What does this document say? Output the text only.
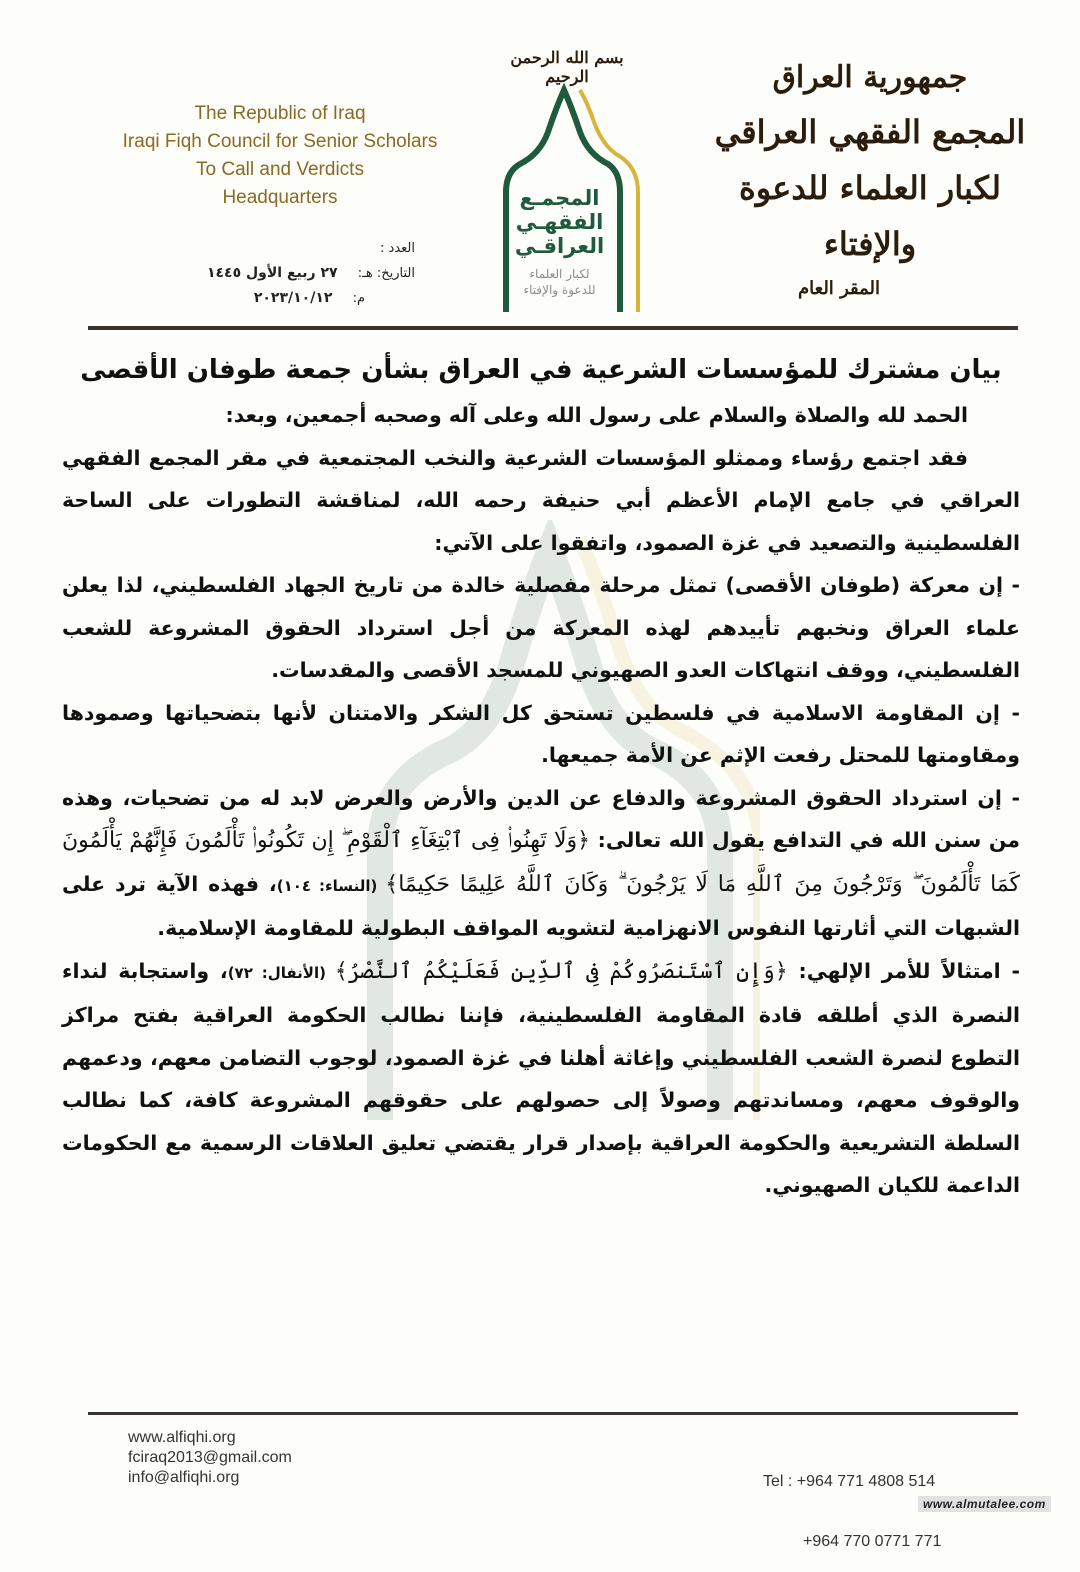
The Republic of Iraq
Iraqi Fiqh Council for Senior Scholars
To Call and Verdicts
Headquarters
بسم الله الرحمن الرحيم
المجمـع
الفقهـي
العراقـي
لكبار العلماء
للدعوة والإفتاء
جمهورية العراق
المجمع الفقهي العراقي
لكبار العلماء للدعوة والإفتاء
المقر العام
العدد :
التاريخ: هـ: ٢٧ ربيع الأول ١٤٤٥
م: ٢٠٢٣/١٠/١٢
بيان مشترك للمؤسسات الشرعية في العراق بشأن جمعة طوفان الأقصى

الحمد لله والصلاة والسلام على رسول الله وعلى آله وصحبه أجمعين، وبعد:

فقد اجتمع رؤساء وممثلو المؤسسات الشرعية والنخب المجتمعية في مقر المجمع الفقهي العراقي في جامع الإمام الأعظم أبي حنيفة رحمه الله، لمناقشة التطورات على الساحة الفلسطينية والتصعيد في غزة الصمود، واتفقوا على الآتي:

- إن معركة (طوفان الأقصى) تمثل مرحلة مفصلية خالدة من تاريخ الجهاد الفلسطيني، لذا يعلن علماء العراق ونخبهم تأييدهم لهذه المعركة من أجل استرداد الحقوق المشروعة للشعب الفلسطيني، ووقف انتهاكات العدو الصهيوني للمسجد الأقصى والمقدسات.

- إن المقاومة الاسلامية في فلسطين تستحق كل الشكر والامتنان لأنها بتضحياتها وصمودها ومقاومتها للمحتل رفعت الإثم عن الأمة جميعها.

- إن استرداد الحقوق المشروعة والدفاع عن الدين والأرض والعرض لابد له من تضحيات، وهذه من سنن الله في التدافع يقول الله تعالى: ﴿وَلَا تَهِنُوا۟ فِى ٱبْتِغَآءِ ٱلْقَوْمِ ۖ إِن تَكُونُوا۟ تَأْلَمُونَ فَإِنَّهُمْ يَأْلَمُونَ كَمَا تَأْلَمُونَ ۖ وَتَرْجُونَ مِنَ ٱللَّهِ مَا لَا يَرْجُونَ ۗ وَكَانَ ٱللَّهُ عَلِيمًا حَكِيمًا﴾ (النساء: ١٠٤)، فهذه الآية ترد على الشبهات التي أثارتها النفوس الانهزامية لتشويه المواقف البطولية للمقاومة الإسلامية.

- امتثالاً للأمر الإلهي: ﴿وَإِنِ ٱسْتَنصَرُوكُمْ فِى ٱلدِّينِ فَعَلَيْكُمُ ٱلنَّصْرُ﴾ (الأنفال: ٧٢)، واستجابة لنداء النصرة الذي أطلقه قادة المقاومة الفلسطينية، فإننا نطالب الحكومة العراقية بفتح مراكز التطوع لنصرة الشعب الفلسطيني وإغاثة أهلنا في غزة الصمود، لوجوب التضامن معهم، ودعمهم والوقوف معهم، ومساندتهم وصولاً إلى حصولهم على حقوقهم المشروعة كافة، كما نطالب السلطة التشريعية والحكومة العراقية بإصدار قرار يقتضي تعليق العلاقات الرسمية مع الحكومات الداعمة للكيان الصهيوني.

www.alfiqhi.org
fciraq2013@gmail.com
info@alfiqhi.org

	Tel : +964 771 4808 514

+964 770 0771 771

www.almutalee.com
